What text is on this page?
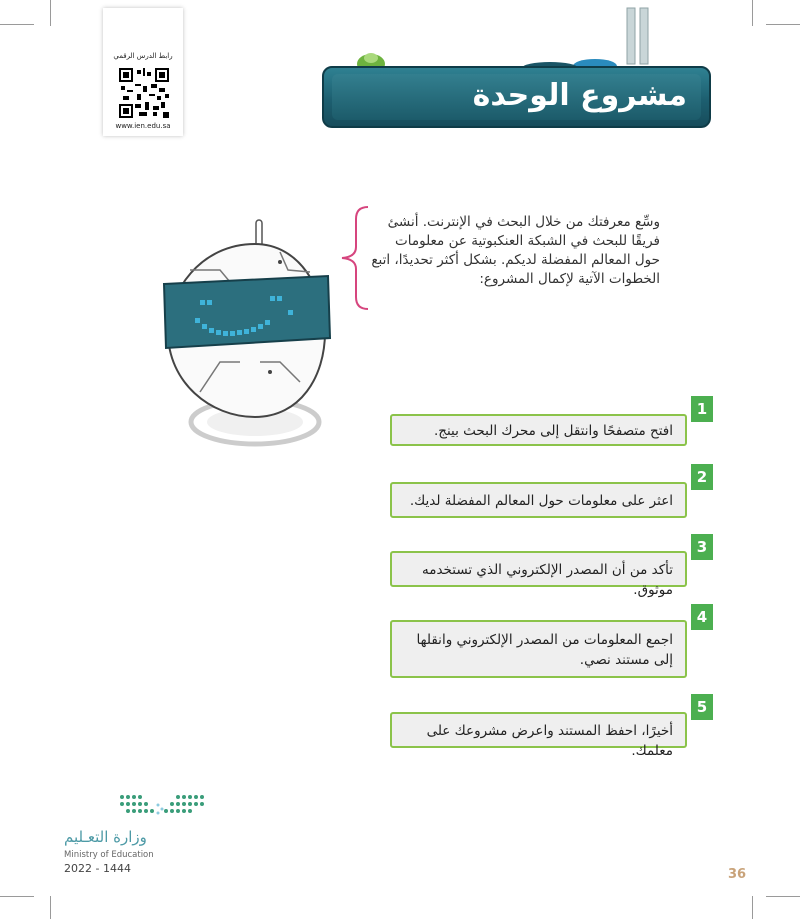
رابط الدرس الرقمي
www.ien.edu.sa
مشروع الوحدة
وسِّع معرفتك من خلال البحث في الإنترنت. أنشئ فريقًا للبحث في الشبكة العنكبوتية عن معلومات حول المعالم المفضلة لديكم. بشكل أكثر تحديدًا، اتبع الخطوات الآتية لإكمال المشروع:
افتح متصفحًا وانتقل إلى محرك البحث بينج.
1
اعثر على معلومات حول المعالم المفضلة لديك.
2
تأكد من أن المصدر الإلكتروني الذي تستخدمه موثوق.
3
اجمع المعلومات من المصدر الإلكتروني وانقلها إلى مستند نصي.
4
أخيرًا، احفظ المستند واعرض مشروعك على معلمك.
5
وزارة التعـليم
Ministry of Education
2022 - 1444	36
